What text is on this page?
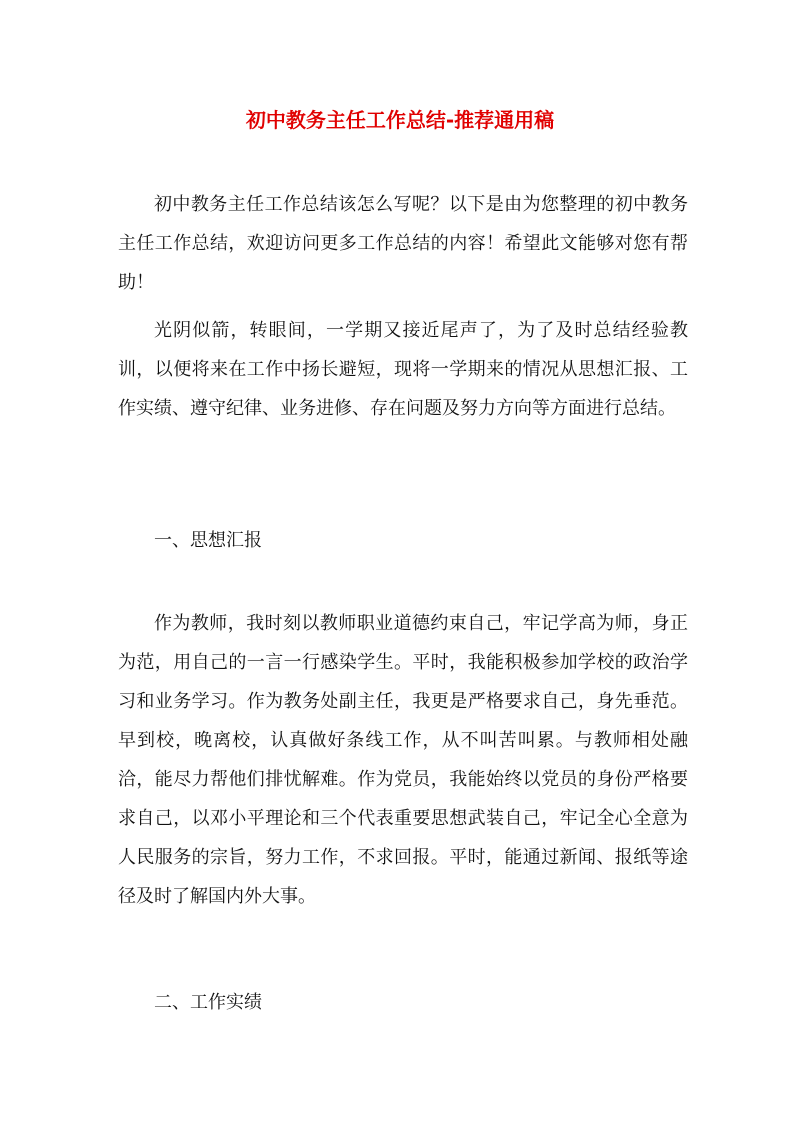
初中教务主任工作总结-推荐通用稿

初中教务主任工作总结该怎么写呢？以下是由为您整理的初中教务主任工作总结，欢迎访问更多工作总结的内容！希望此文能够对您有帮助！

光阴似箭，转眼间，一学期又接近尾声了，为了及时总结经验教训，以便将来在工作中扬长避短，现将一学期来的情况从思想汇报、工作实绩、遵守纪律、业务进修、存在问题及努力方向等方面进行总结。

一、思想汇报

作为教师，我时刻以教师职业道德约束自己，牢记学高为师，身正为范，用自己的一言一行感染学生。平时，我能积极参加学校的政治学习和业务学习。作为教务处副主任，我更是严格要求自己，身先垂范。早到校，晚离校，认真做好条线工作，从不叫苦叫累。与教师相处融洽，能尽力帮他们排忧解难。作为党员，我能始终以党员的身份严格要求自己，以邓小平理论和三个代表重要思想武装自己，牢记全心全意为人民服务的宗旨，努力工作，不求回报。平时，能通过新闻、报纸等途径及时了解国内外大事。

二、工作实绩
